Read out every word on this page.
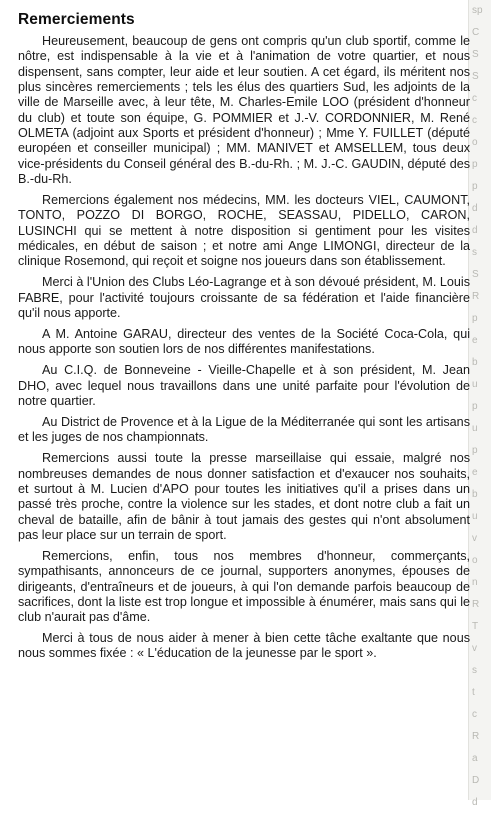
sp
C
S
S
c
c
o
p
p
d
d
s
S
R
p
e
b
u
p
u
p
e
b
u
v
o
n
R
T
v
s
t
c
R
a
D
d
Remerciements

Heureusement, beaucoup de gens ont compris qu'un club sportif, comme le nôtre, est indispensable à la vie et à l'animation de votre quartier, et nous dispensent, sans compter, leur aide et leur soutien. A cet égard, ils méritent nos plus sincères remerciements ; tels les élus des quartiers Sud, les adjoints de la ville de Marseille avec, à leur tête, M. Charles-Emile LOO (président d'honneur du club) et toute son équipe, G. POMMIER et J.-V. CORDONNIER, M. René OLMETA (adjoint aux Sports et président d'honneur) ; Mme Y. FUILLET (député européen et conseiller municipal) ; MM. MANIVET et AMSELLEM, tous deux vice-présidents du Conseil général des B.-du-Rh. ; M. J.-C. GAUDIN, député des B.-du-Rh.

Remercions également nos médecins, MM. les docteurs VIEL, CAUMONT, TONTO, POZZO DI BORGO, ROCHE, SEASSAU, PIDELLO, CARON, LUSINCHI qui se mettent à notre disposition si gentiment pour les visites médicales, en début de saison ; et notre ami Ange LIMONGI, directeur de la clinique Rosemond, qui reçoit et soigne nos joueurs dans son établissement.

Merci à l'Union des Clubs Léo-Lagrange et à son dévoué président, M. Louis FABRE, pour l'activité toujours croissante de sa fédération et l'aide financière qu'il nous apporte.

A M. Antoine GARAU, directeur des ventes de la Société Coca-Cola, qui nous apporte son soutien lors de nos différentes manifestations.

Au C.I.Q. de Bonneveine - Vieille-Chapelle et à son président, M. Jean DHO, avec lequel nous travaillons dans une unité parfaite pour l'évolution de notre quartier.

Au District de Provence et à la Ligue de la Méditerranée qui sont les artisans et les juges de nos championnats.

Remercions aussi toute la presse marseillaise qui essaie, malgré nos nombreuses demandes de nous donner satisfaction et d'exaucer nos souhaits, et surtout à M. Lucien d'APO pour toutes les initiatives qu'il a prises dans un passé très proche, contre la violence sur les stades, et dont notre club a fait un cheval de bataille, afin de bânir à tout jamais des gestes qui n'ont absolument pas leur place sur un terrain de sport.

Remercions, enfin, tous nos membres d'honneur, commerçants, sympathisants, annonceurs de ce journal, supporters anonymes, épouses de dirigeants, d'entraîneurs et de joueurs, à qui l'on demande parfois beaucoup de sacrifices, dont la liste est trop longue et impossible à énumérer, mais sans qui le club n'aurait pas d'âme.

Merci à tous de nous aider à mener à bien cette tâche exaltante que nous nous sommes fixée : « L'éducation de la jeunesse par le sport ».
